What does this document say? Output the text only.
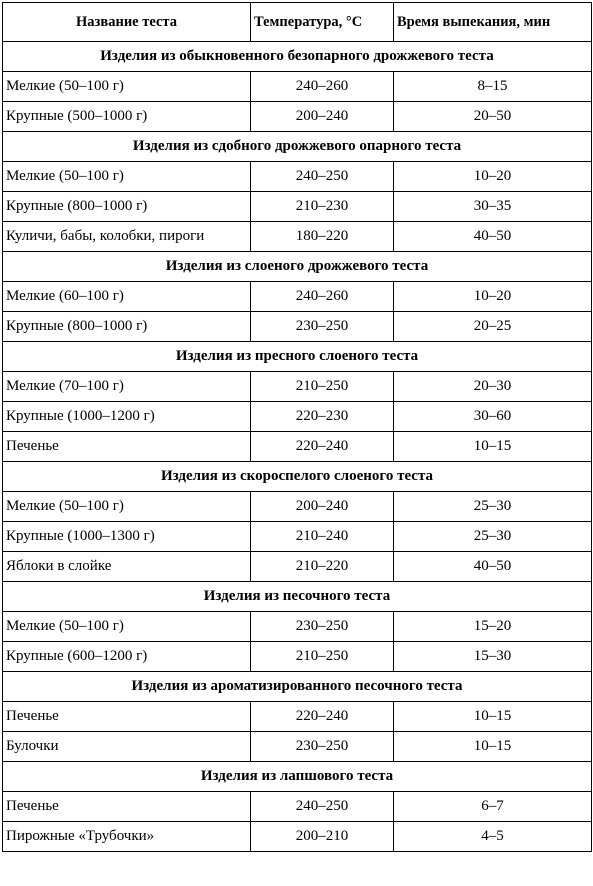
Название теста	Температура, °С	Время выпекания, мин
Изделия из обыкновенного безопарного дрожжевого теста		
Мелкие (50–100 г)	240–260	8–15
Крупные (500–1000 г)	200–240	20–50
Изделия из сдобного дрожжевого опарного теста		
Мелкие (50–100 г)	240–250	10–20
Крупные (800–1000 г)	210–230	30–35
Куличи, бабы, колобки, пироги	180–220	40–50
Изделия из слоеного дрожжевого теста		
Мелкие (60–100 г)	240–260	10–20
Крупные (800–1000 г)	230–250	20–25
Изделия из пресного слоеного теста		
Мелкие (70–100 г)	210–250	20–30
Крупные (1000–1200 г)	220–230	30–60
Печенье	220–240	10–15
Изделия из скороспелого слоеного теста		
Мелкие (50–100 г)	200–240	25–30
Крупные (1000–1300 г)	210–240	25–30
Яблоки в слойке	210–220	40–50
Изделия из песочного теста		
Мелкие (50–100 г)	230–250	15–20
Крупные (600–1200 г)	210–250	15–30
Изделия из ароматизированного песочного теста		
Печенье	220–240	10–15
Булочки	230–250	10–15
Изделия из лапшового теста		
Печенье	240–250	6–7
Пирожные «Трубочки»	200–210	4–5
